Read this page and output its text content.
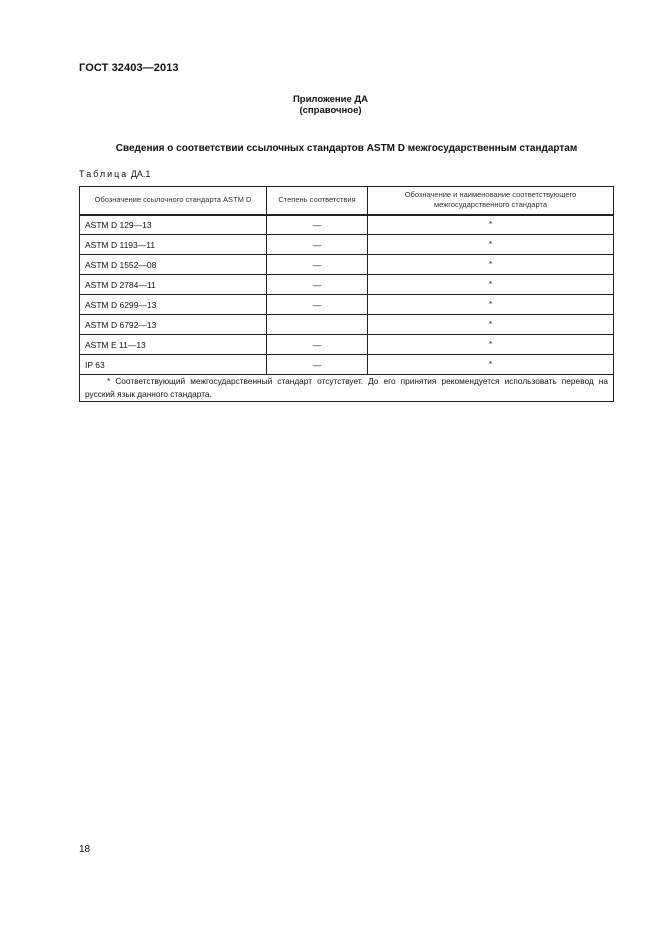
ГОСТ 32403—2013
Приложение ДА
(справочное)
Сведения о соответствии ссылочных стандартов ASTM D межгосударственным стандартам
Таблица ДА.1
Обозначение ссылочного стандарта ASTM D	Степень соответствия	Обозначение и наименование соответствующего межгосударственного стандарта
ASTM D 129—13	—	*
ASTM D 1193—11	—	*
ASTM D 1552—08	—	*
ASTM D 2784—11	—	*
ASTM D 6299—13	—	*
ASTM D 6792—13		*
ASTM E 11—13	—	*
IP 63	—	*

* Соответствующий межгосударственный стандарт отсутствует. До его принятия рекомендуется использовать перевод на русский язык данного стандарта.		
18
